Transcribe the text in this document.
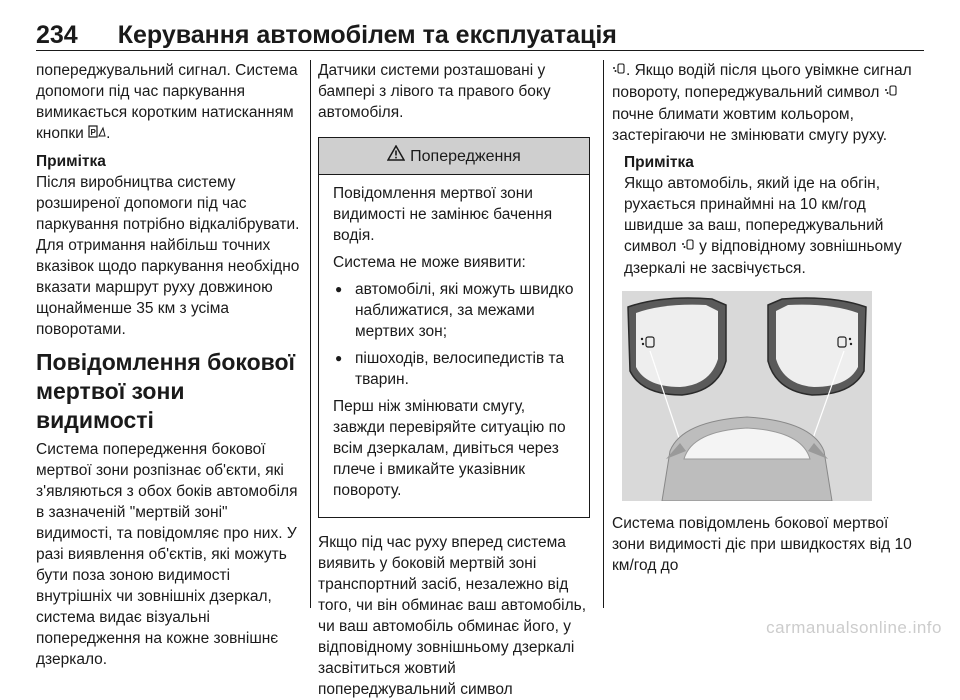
234 Керування автомобілем та експлуатація

попереджувальний сигнал. Система допомоги під час паркування вимикається коротким натисканням кнопки P .

Примітка

Після виробництва систему розширеної допомоги під час паркування потрібно відкалібрувати. Для отримання найбільш точних вказівок щодо паркування необхідно вказати маршрут руху довжиною щонайменше 35 км з усіма поворотами.

Повідомлення бокової мертвої зони видимості

Система попередження бокової мертвої зони розпізнає об'єкти, які з'являються з обох боків автомобіля в зазначеній "мертвій зоні" видимості, та повідомляє про них. У разі виявлення об'єктів, які можуть бути поза зоною видимості внутрішніх чи зовнішніх дзеркал, система видає візуальні попередження на кожне зовнішнє дзеркало.

Датчики системи розташовані у бампері з лівого та правого боку автомобіля.

Попередження

Повідомлення мертвої зони видимості не замінює бачення водія.

Система не може виявити:

● автомобілі, які можуть швидко наближатися, за межами мертвих зон;
● пішоходів, велосипедистів та тварин.

Перш ніж змінювати смугу, завжди перевіряйте ситуацію по всім дзеркалам, дивіться через плече і вмикайте указівник повороту.

Якщо під час руху вперед система виявить у боковій мертвій зоні транспортний засіб, незалежно від того, чи він обминає ваш автомобіль, чи ваш автомобіль обминає його, у відповідному зовнішньому дзеркалі засвітиться жовтий попереджувальний символ

. Якщо водій після цього увімкне сигнал повороту, попереджувальний символ  почне блимати жовтим кольором, застерігаючи не змінювати смугу руху.

Примітка

Якщо автомобіль, який іде на обгін, рухається принаймні на 10 км/год швидше за ваш, попереджувальний символ у відповідному зовнішньому дзеркалі не засвічується.

Система повідомлень бокової мертвої зони видимості діє при швидкостях від 10 км/год до

carmanualsonline.info
